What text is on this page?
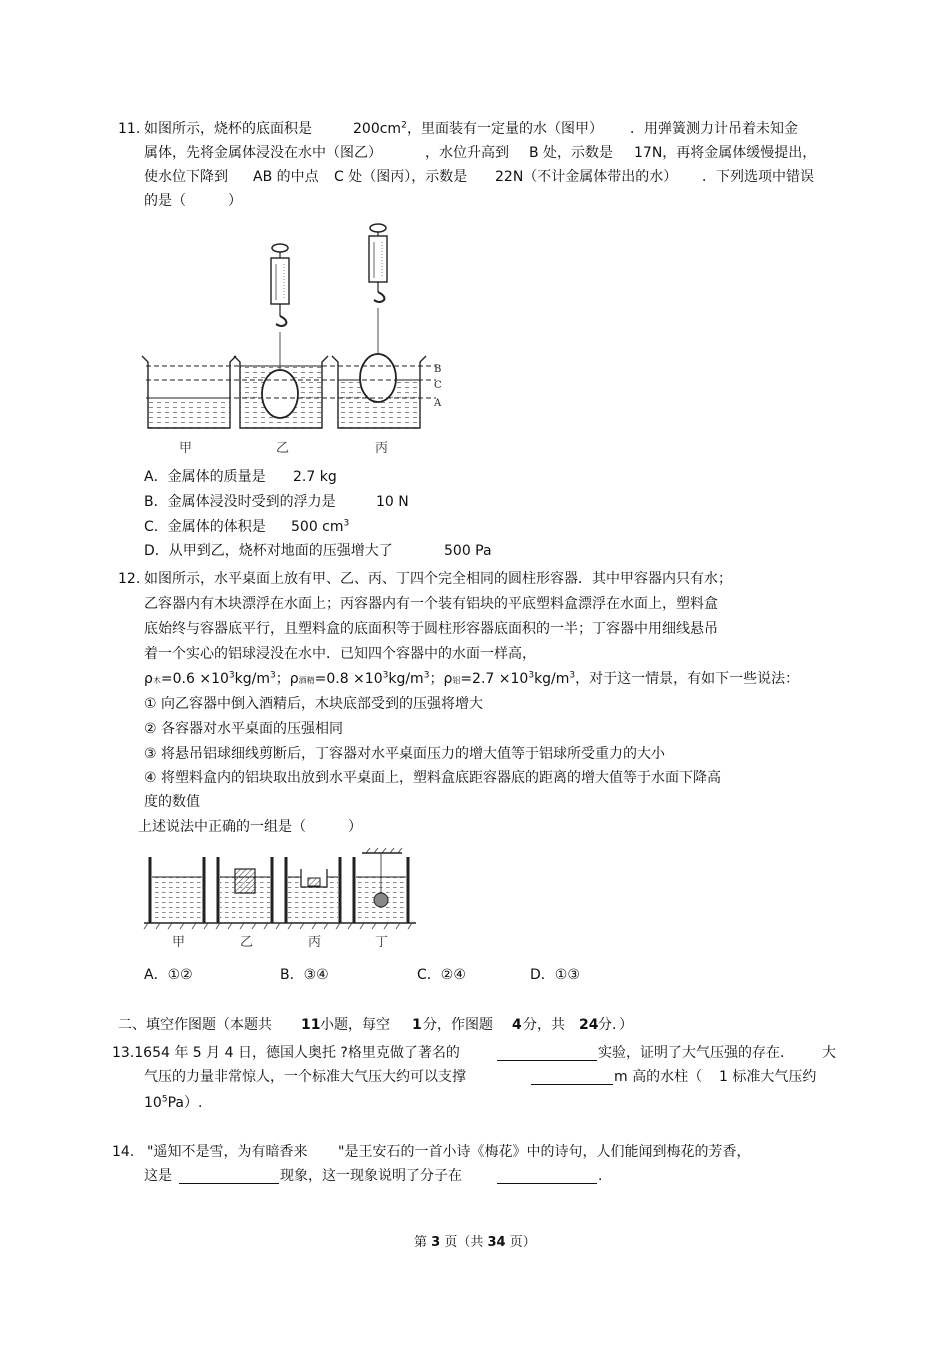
11. 如图所示，烧杯的底面积是	$200cm^2$ ，里面装有一定量的水（图甲） ．用弹簧测力计吊着未知金
属体，先将金属体浸没在水中（图乙）	，水位升高到 B 处，示数是 17N，再将金属体缓慢提出，
使水位下降到 AB 的中点 C 处（图丙），示数是 22N（不计金属体带出的水） ．下列选项中错误
的是（　　　）
B
C
A
甲	乙	丙
A．金属体的质量是 2.7 kg
B．金属体浸没时受到的浮力是	10 N
C．金属体的体积是 500 $cm^3$
D．从甲到乙，烧杯对地面的压强增大了	500 Pa
12. 如图所示，水平桌面上放有甲、乙、丙、丁四个完全相同的圆柱形容器．其中甲容器内只有水；
乙容器内有木块漂浮在水面上；丙容器内有一个装有铝块的平底塑料盒漂浮在水面上，塑料盒
底始终与容器底平行，且塑料盒的底面积等于圆柱形容器底面积的一半；丁容器中用细线悬吊
着一个实心的铝球浸没在水中．已知四个容器中的水面一样高，
ρ木$=0.6 \times 10^3kg/m^3$；ρ酒精$=0.8 \times 10^3kg/m^3$；ρ铝$=2.7 \times 10^3kg/m^3$，对于这一情景，有如下一些说法：
① 向乙容器中倒入酒精后，木块底部受到的压强将增大
② 各容器对水平桌面的压强相同
③ 将悬吊铝球细线剪断后，丁容器对水平桌面压力的增大值等于铝球所受重力的大小
④ 将塑料盒内的铝块取出放到水平桌面上，塑料盒底距容器底的距离的增大值等于水面下降高
度的数值
上述说法中正确的一组是（　　　）
甲	乙	丙	丁
A．①②	B．③④	C．②④	D．①③
二、填空作图题（本题共 11 小题，每空 1 分，作图题 4 分，共 24 分．）
13.1654 年 5 月 4 日，德国人奥托 ?格里克做了著名的	实验，证明了大气压强的存在． 大
气压的力量非常惊人，一个标准大气压大约可以支撑	m 高的水柱（ 1 标准大气压约
$10^5Pa$）.
14. "遥知不是雪，为有暗香来 "是王安石的一首小诗《梅花》中的诗句，人们能闻到梅花的芳香，
这是	现象，这一现象说明了分子在	.
第 3 页（共 34 页）
